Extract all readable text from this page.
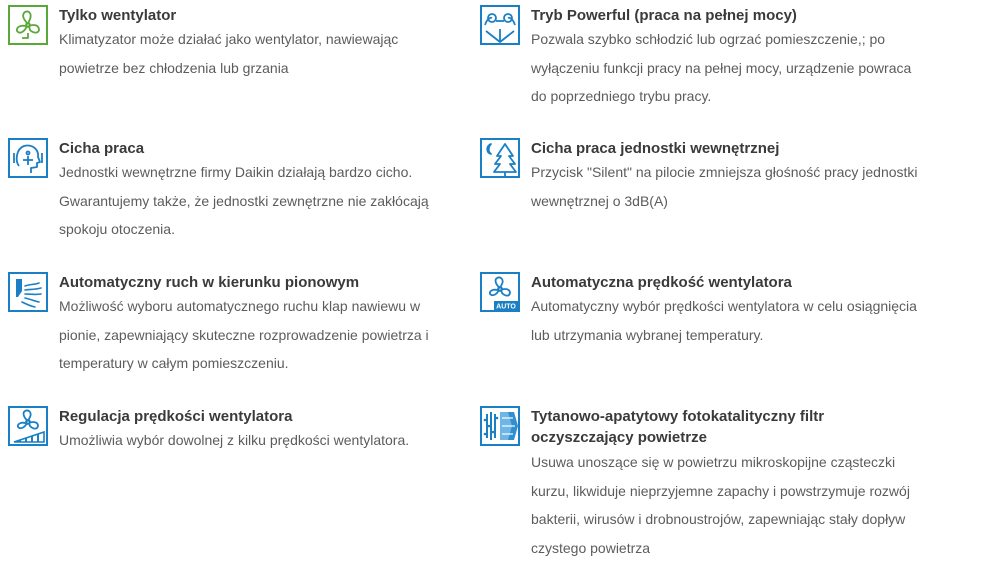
Tylko wentylator
Klimatyzator może działać jako wentylator, nawiewając
powietrze bez chłodzenia lub grzania
Tryb Powerful (praca na pełnej mocy)
Pozwala szybko schłodzić lub ogrzać pomieszczenie,; po
wyłączeniu funkcji pracy na pełnej mocy, urządzenie powraca
do poprzedniego trybu pracy.
Cicha praca
Jednostki wewnętrzne firmy Daikin działają bardzo cicho.
Gwarantujemy także, że jednostki zewnętrzne nie zakłócają
spokoju otoczenia.
Cicha praca jednostki wewnętrznej
Przycisk "Silent" na pilocie zmniejsza głośność pracy jednostki
wewnętrznej o 3dB(A)
Automatyczny ruch w kierunku pionowym
Możliwość wyboru automatycznego ruchu klap nawiewu w
pionie, zapewniający skuteczne rozprowadzenie powietrza i
temperatury w całym pomieszczeniu.
AUTO
Automatyczna prędkość wentylatora
Automatyczny wybór prędkości wentylatora w celu osiągnięcia
lub utrzymania wybranej temperatury.
Regulacja prędkości wentylatora
Umożliwia wybór dowolnej z kilku prędkości wentylatora.
Tytanowo-apatytowy fotokatalityczny filtr oczyszczający powietrze
Usuwa unoszące się w powietrzu mikroskopijne cząsteczki
kurzu, likwiduje nieprzyjemne zapachy i powstrzymuje rozwój
bakterii, wirusów i drobnoustrojów, zapewniając stały dopływ
czystego powietrza
